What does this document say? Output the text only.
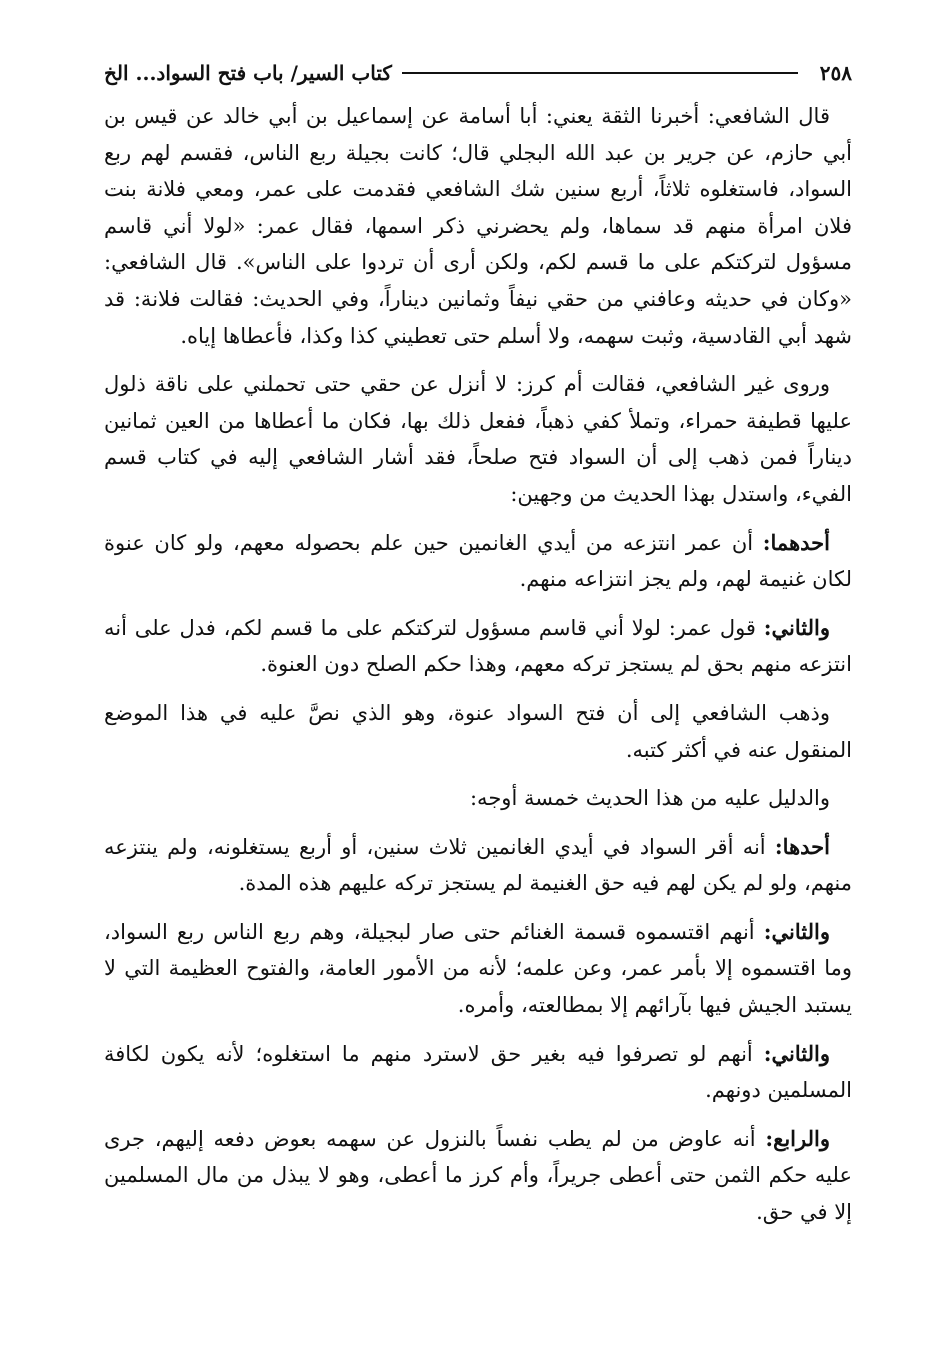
٢٥٨
كتاب السير/ باب فتح السواد... الخ

قال الشافعي: أخبرنا الثقة يعني: أبا أسامة عن إسماعيل بن أبي خالد عن قيس بن أبي حازم، عن جرير بن عبد الله البجلي قال؛ كانت بجيلة ربع الناس، فقسم لهم ربع السواد، فاستغلوه ثلاثاً، أربع سنين شك الشافعي فقدمت على عمر، ومعي فلانة بنت فلان امرأة منهم قد سماها، ولم يحضرني ذكر اسمها، فقال عمر: «لولا أني قاسم مسؤول لتركتكم على ما قسم لكم، ولكن أرى أن تردوا على الناس». قال الشافعي: «وكان في حديثه وعافني من حقي نيفاً وثمانين ديناراً، وفي الحديث: فقالت فلانة: قد شهد أبي القادسية، وثبت سهمه، ولا أسلم حتى تعطيني كذا وكذا، فأعطاها إياه.

وروى غير الشافعي، فقالت أم كرز: لا أنزل عن حقي حتى تحملني على ناقة ذلول عليها قطيفة حمراء، وتملأ كفي ذهباً، ففعل ذلك بها، فكان ما أعطاها من العين ثمانين ديناراً فمن ذهب إلى أن السواد فتح صلحاً، فقد أشار الشافعي إليه في كتاب قسم الفيء، واستدل بهذا الحديث من وجهين:

أحدهما: أن عمر انتزعه من أيدي الغانمين حين علم بحصوله معهم، ولو كان عنوة لكان غنيمة لهم، ولم يجز انتزاعه منهم.

والثاني: قول عمر: لولا أني قاسم مسؤول لتركتكم على ما قسم لكم، فدل على أنه انتزعه منهم بحق لم يستجز تركه معهم، وهذا حكم الصلح دون العنوة.

وذهب الشافعي إلى أن فتح السواد عنوة، وهو الذي نصَّ عليه في هذا الموضع المنقول عنه في أكثر كتبه.

والدليل عليه من هذا الحديث خمسة أوجه:

أحدها: أنه أقر السواد في أيدي الغانمين ثلاث سنين، أو أربع يستغلونه، ولم ينتزعه منهم، ولو لم يكن لهم فيه حق الغنيمة لم يستجز تركه عليهم هذه المدة.

والثاني: أنهم اقتسموه قسمة الغنائم حتى صار لبجيلة، وهم ربع الناس ربع السواد، وما اقتسموه إلا بأمر عمر، وعن علمه؛ لأنه من الأمور العامة، والفتوح العظيمة التي لا يستبد الجيش فيها بآرائهم إلا بمطالعته، وأمره.

والثاني: أنهم لو تصرفوا فيه بغير حق لاسترد منهم ما استغلوه؛ لأنه يكون لكافة المسلمين دونهم.

والرابع: أنه عاوض من لم يطب نفساً بالنزول عن سهمه بعوض دفعه إليهم، جرى عليه حكم الثمن حتى أعطى جريراً، وأم كرز ما أعطى، وهو لا يبذل من مال المسلمين إلا في حق.
